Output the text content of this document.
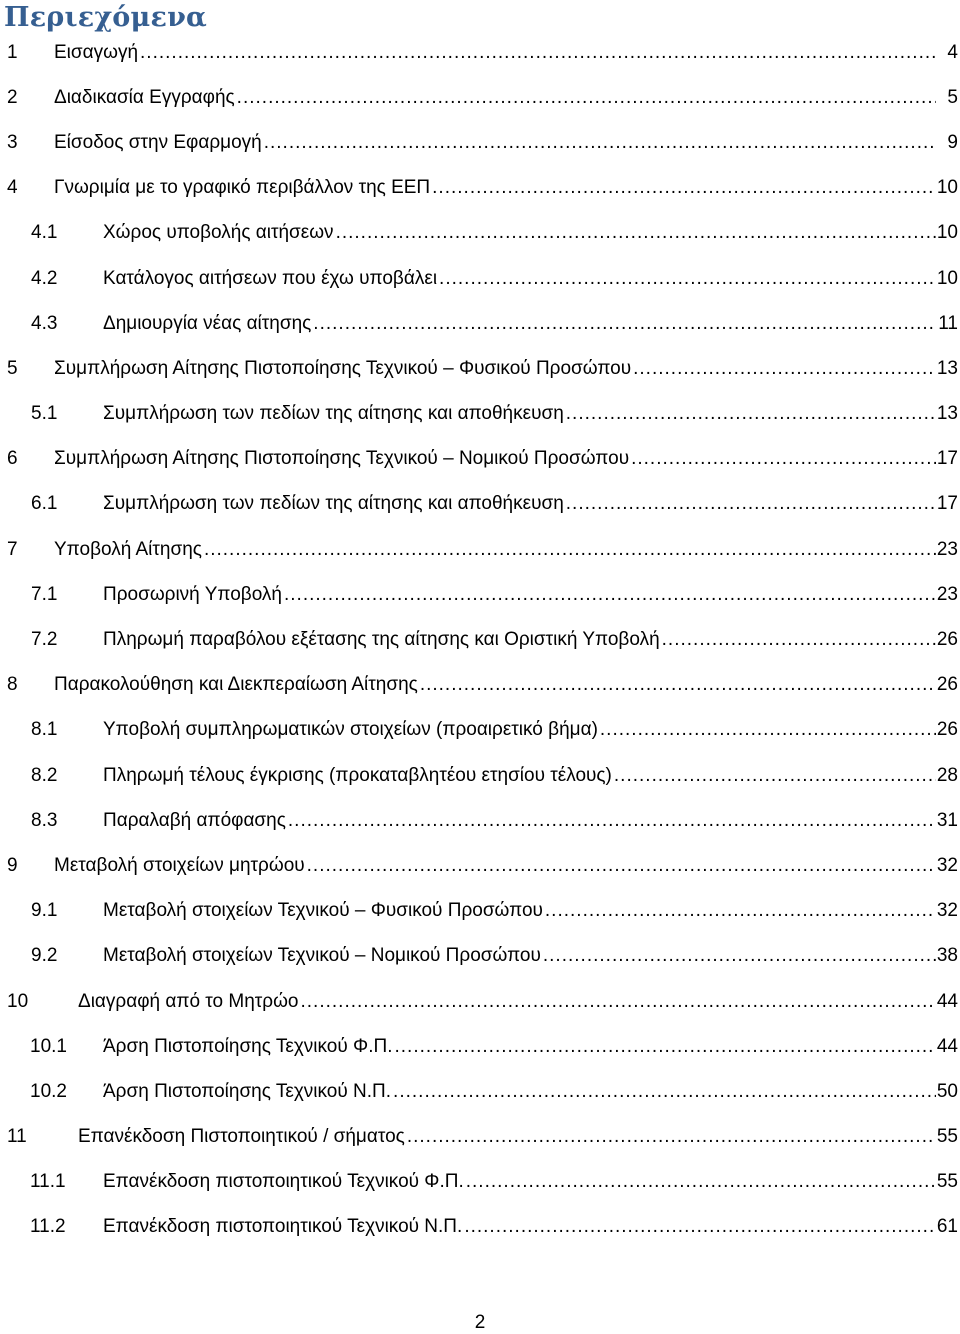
Περιεχόμενα
1 Εισαγωγή .....	4
2 Διαδικασία Εγγραφής .....	5
3 Είσοδος στην Εφαρμογή .....	9
4 Γνωριμία με το γραφικό περιβάλλον της ΕΕΠ .....	10
4.1 Χώρος υποβολής αιτήσεων .....	10
4.2 Κατάλογος αιτήσεων που έχω υποβάλει .....	10
4.3 Δημιουργία νέας αίτησης .....	11
5 Συμπλήρωση Αίτησης Πιστοποίησης Τεχνικού – Φυσικού Προσώπου .....	13
5.1 Συμπλήρωση των πεδίων της αίτησης και αποθήκευση .....	13
6 Συμπλήρωση Αίτησης Πιστοποίησης Τεχνικού – Νομικού Προσώπου .....	17
6.1 Συμπλήρωση των πεδίων της αίτησης και αποθήκευση .....	17
7 Υποβολή Αίτησης .....	23
7.1 Προσωρινή Υποβολή .....	23
7.2 Πληρωμή παραβόλου εξέτασης της αίτησης και Οριστική Υποβολή .....	26
8 Παρακολούθηση και Διεκπεραίωση Αίτησης .....	26
8.1 Υποβολή συμπληρωματικών στοιχείων (προαιρετικό βήμα) .....	26
8.2 Πληρωμή τέλους έγκρισης (προκαταβλητέου ετησίου τέλους) .....	28
8.3 Παραλαβή απόφασης .....	31
9 Μεταβολή στοιχείων μητρώου .....	32
9.1 Μεταβολή στοιχείων Τεχνικού – Φυσικού Προσώπου .....	32
9.2 Μεταβολή στοιχείων Τεχνικού – Νομικού Προσώπου .....	38
10	Διαγραφή από το Μητρώο .....	44
10.1 Άρση Πιστοποίησης Τεχνικού Φ.Π. .....	44
10.2 Άρση Πιστοποίησης Τεχνικού Ν.Π. .....	50
11	Επανέκδοση Πιστοποιητικού / σήματος .....	55
11.1 Επανέκδοση πιστοποιητικού Τεχνικού Φ.Π. .....	55
11.2 Επανέκδοση πιστοποιητικού Τεχνικού Ν.Π. .....	61
2
